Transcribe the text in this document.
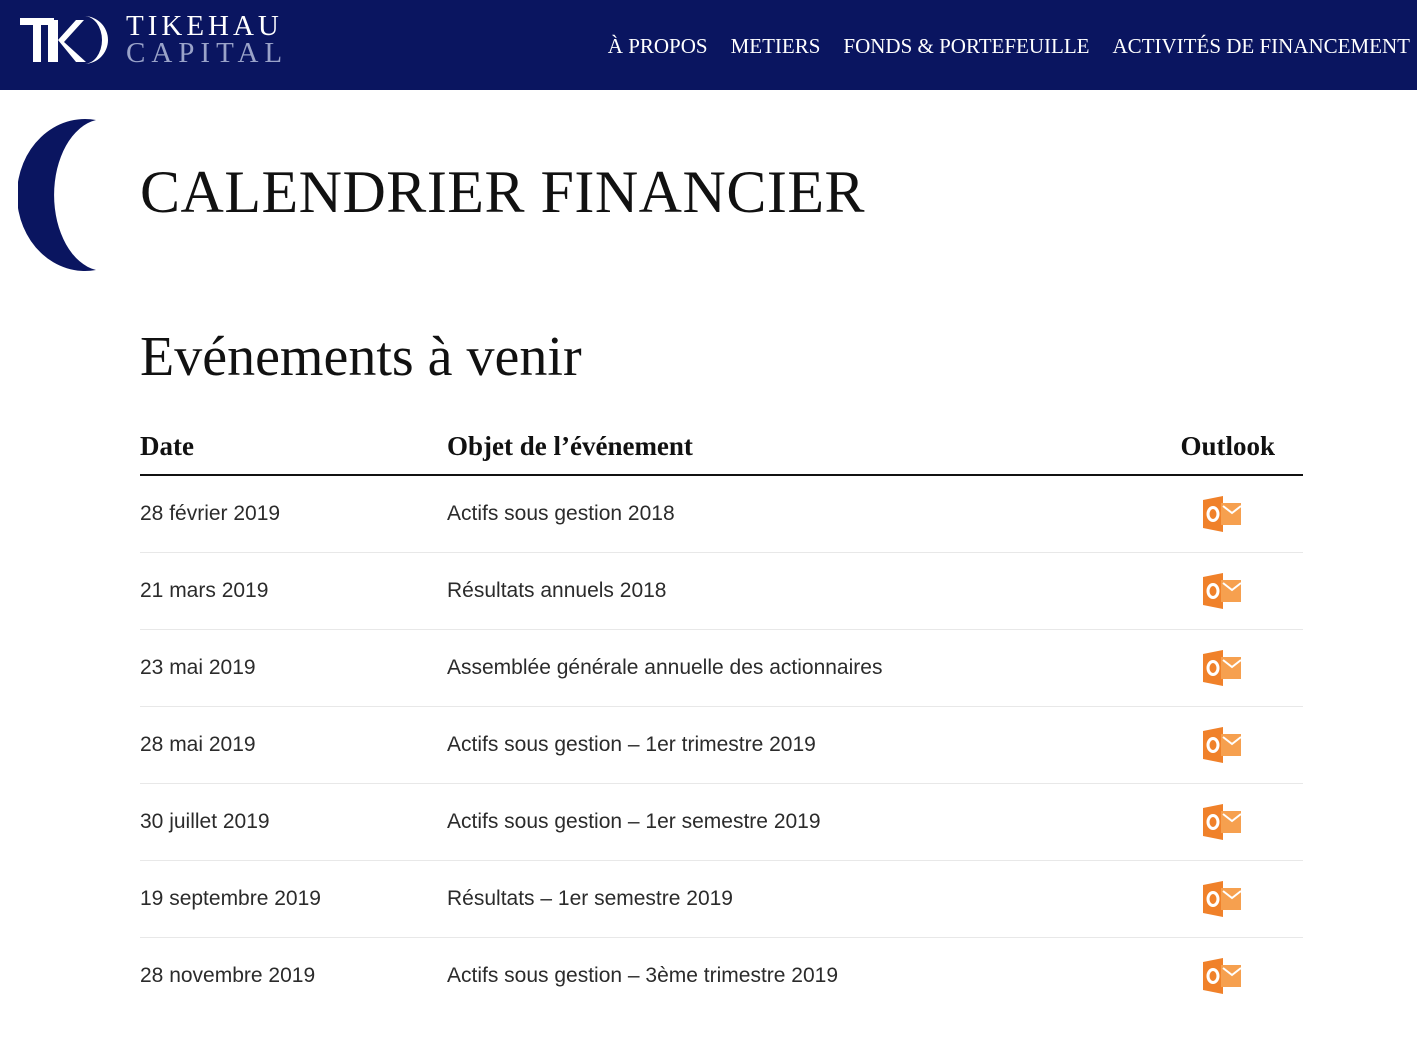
TIKEHAU
CAPITAL	À PROPOS METIERS FONDS & PORTEFEUILLE ACTIVITÉS DE FINANCEMENT
CALENDRIER FINANCIER
Evénements à venir
Date	Objet de l’événement	Outlook
28 février 2019	Actifs sous gestion 2018	
21 mars 2019	Résultats annuels 2018	
23 mai 2019	Assemblée générale annuelle des actionnaires	
28 mai 2019	Actifs sous gestion – 1er trimestre 2019	
30 juillet 2019	Actifs sous gestion – 1er semestre 2019	
19 septembre 2019	Résultats – 1er semestre 2019	
28 novembre 2019	Actifs sous gestion – 3ème trimestre 2019	
